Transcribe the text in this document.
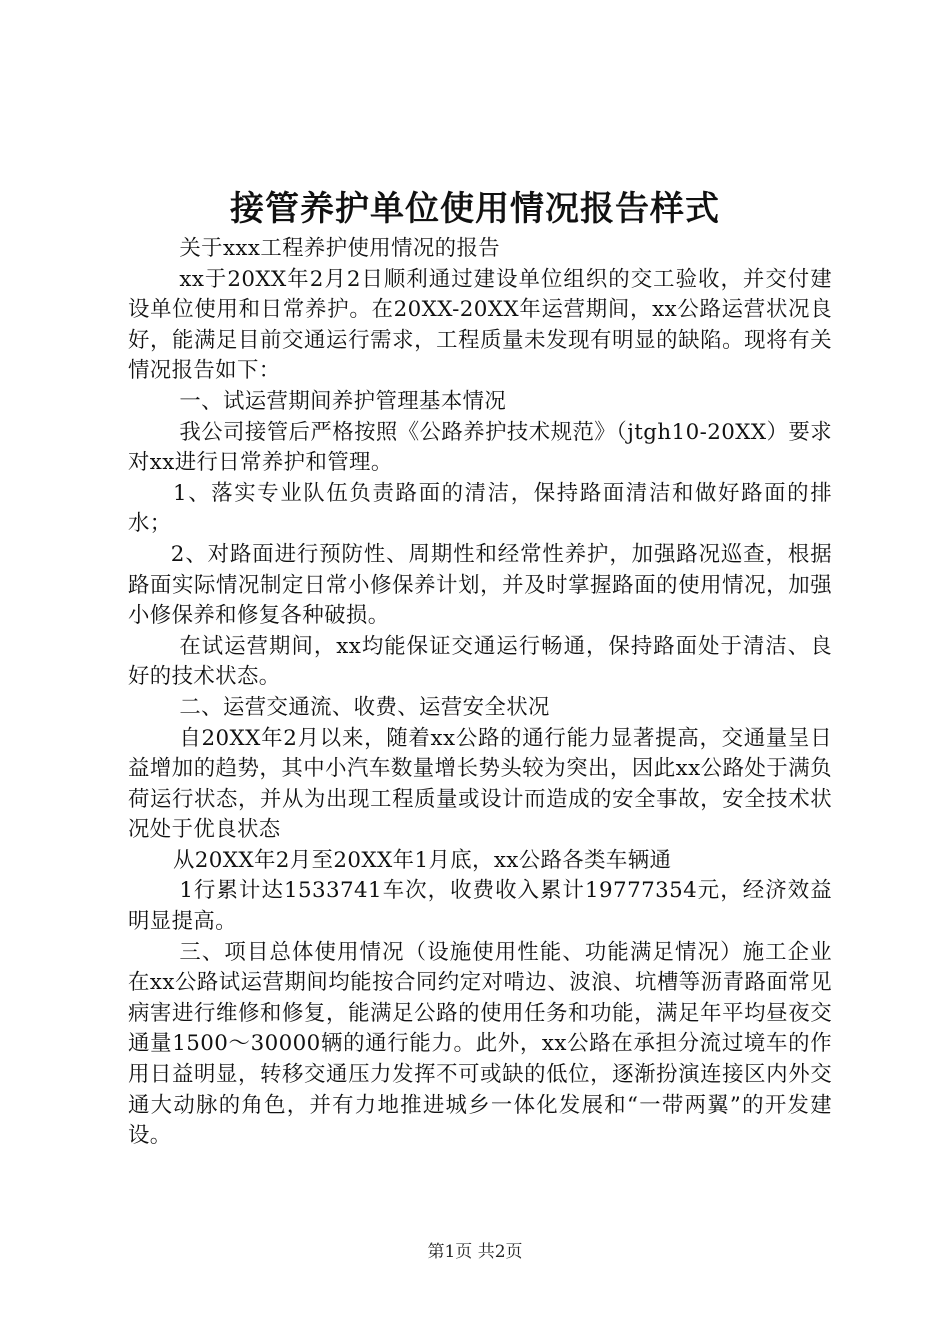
接管养护单位使用情况报告样式

关于xxx工程养护使用情况的报告

xx于20XX年2月2日顺利通过建设单位组织的交工验收，并交付建设单位使用和日常养护。在20XX-20XX年运营期间，xx公路运营状况良好，能满足目前交通运行需求，工程质量未发现有明显的缺陷。现将有关情况报告如下：

一、试运营期间养护管理基本情况

我公司接管后严格按照《公路养护技术规范》（jtgh10-20XX）要求对xx进行日常养护和管理。

1、落实专业队伍负责路面的清洁，保持路面清洁和做好路面的排水；

2、对路面进行预防性、周期性和经常性养护，加强路况巡查，根据路面实际情况制定日常小修保养计划，并及时掌握路面的使用情况，加强小修保养和修复各种破损。

在试运营期间，xx均能保证交通运行畅通，保持路面处于清洁、良好的技术状态。

二、运营交通流、收费、运营安全状况

自20XX年2月以来，随着xx公路的通行能力显著提高，交通量呈日益增加的趋势，其中小汽车数量增长势头较为突出，因此xx公路处于满负荷运行状态，并从为出现工程质量或设计而造成的安全事故，安全技术状况处于优良状态

从20XX年2月至20XX年1月底，xx公路各类车辆通

1行累计达1533741车次，收费收入累计19777354元，经济效益明显提高。

三、项目总体使用情况（设施使用性能、功能满足情况）施工企业在xx公路试运营期间均能按合同约定对啃边、波浪、坑槽等沥青路面常见病害进行维修和修复，能满足公路的使用任务和功能，满足年平均昼夜交通量1500～30000辆的通行能力。此外，xx公路在承担分流过境车的作用日益明显，转移交通压力发挥不可或缺的低位，逐渐扮演连接区内外交通大动脉的角色，并有力地推进城乡一体化发展和“一带两翼”的开发建设。

第1页 共2页
